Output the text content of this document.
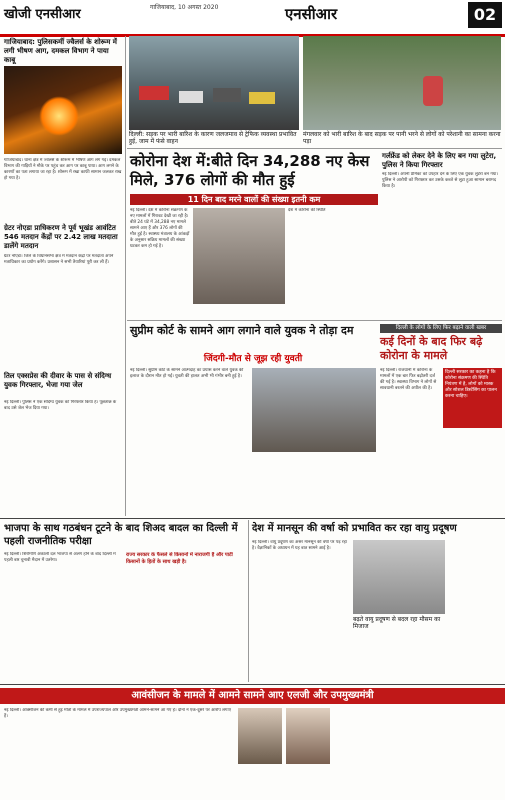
खोजी एनसीआर	गाजियाबाद, 10 अगस्त 2020	एनसीआर	02
गाजियाबाद: पुलिसकर्मी ज्वैलर्स के शोरूम में लगी भीषण आग, दमकल विभाग ने पाया काबू
गाजियाबाद। थाना क्षेत्र में ज्वैलर्स के शोरूम में भीषण आग लग गई। दमकल विभाग की गाड़ियों ने मौके पर पहुंच कर आग पर काबू पाया। आग लगने के कारणों का पता लगाया जा रहा है। शोरूम में रखा काफी सामान जलकर राख हो गया है।
ग्रेटर नोएडा प्राधिकरण ने पूर्व भूखंड आवंटित 546 मतदान केंद्रों पर 2.42 लाख मतदाता डालेंगे मतदान
ग्रेटर नोएडा। जिले के विधानसभा क्षेत्र में मतदान केंद्रों पर मतदाता अपने मताधिकार का प्रयोग करेंगे। प्रशासन ने सभी तैयारियां पूरी कर ली हैं।
तिल एक्सप्रेस की दीवार के पास से संदिग्ध युवक गिरफ्तार, भेजा गया जेल
नई दिल्ली। पुलिस ने एक संदिग्ध युवक को गिरफ्तार किया है। पूछताछ के बाद उसे जेल भेज दिया गया।
दिल्ली: सड़क पर भारी बारिश के कारण जलजमाव से ट्रेफिक व्यवस्था प्रभावित हुई, जाम में फंसे वाहन
मंगलवार को भारी बारिश के बाद सड़क पर पानी भरने से लोगों को परेशानी का सामना करना पड़ा
कोरोना देश में:बीते दिन 34,288 नए केस मिले, 376 लोगों की मौत हुई
11 दिन बाद मरने वालों की संख्या इतनी कम
नई दिल्ली। देश में कोरोना संक्रमण के नए मामलों में गिरावट देखी जा रही है। बीते 24 घंटे में 34,288 नए मामले सामने आए हैं और 376 लोगों की मौत हुई है। स्वास्थ्य मंत्रालय के आंकड़ों के अनुसार सक्रिय मामलों की संख्या घटकर कम हो गई है।
देश में कोरोना की स्थिति
गर्लफ्रेंड को लेकर देने के लिए बन गया लुटेरा, पुलिस ने किया गिरफ्तार
नई दिल्ली। अपनी प्रेमिका को उपहार देने के लिए एक युवक लुटेरा बन गया। पुलिस ने आरोपी को गिरफ्तार कर उसके कब्जे से लूटा हुआ सामान बरामद किया है।
सुप्रीम कोर्ट के सामने आग लगाने वाले युवक ने तोड़ा दम
जिंदगी-मौत से जूझ रही युवती
नई दिल्ली। सुप्रीम कोर्ट के सामने आत्मदाह का प्रयास करने वाले युवक की इलाज के दौरान मौत हो गई। युवती की हालत अभी भी गंभीर बनी हुई है।
दिल्ली के लोगों के लिए फिर बढ़ाने वाली खबर
कई दिनों के बाद फिर बढ़े कोरोना के मामले
नई दिल्ली। राजधानी में कोरोना के मामलों में एक बार फिर बढ़ोतरी दर्ज की गई है। स्वास्थ्य विभाग ने लोगों से सावधानी बरतने की अपील की है।
दिल्ली सरकार का कहना है कि कोरोना संक्रमण की स्थिति नियंत्रण में है, लोगों को मास्क और सोशल डिस्टेंसिंग का पालन करना चाहिए।
भाजपा के साथ गठबंधन टूटने के बाद शिअद बादल का दिल्ली में पहली राजनीतिक परीक्षा
नई दिल्ली। शिरोमणि अकाली दल भाजपा से अलग होने के बाद दिल्ली में पहली बार चुनावी मैदान में उतरेगा।
राज्य सरकार के फैसले से किसानों में नाराजगी है और पार्टी किसानों के हितों के साथ खड़ी है।
देश में मानसून की वर्षा को प्रभावित कर रहा वायु प्रदूषण
नई दिल्ली। वायु प्रदूषण का असर मानसून की वर्षा पर पड़ रहा है। वैज्ञानिकों के अध्ययन में यह बात सामने आई है।
बढ़ते वायु प्रदूषण से बदल रहा मौसम का मिजाज
आवंसीजन के मामले में आमने सामने आए एलजी और उपमुख्यमंत्री
नई दिल्ली। ऑक्सीजन की कमी से हुई मौतों के मामले में उपराज्यपाल और उपमुख्यमंत्री आमने-सामने आ गए हैं। दोनों ने एक-दूसरे पर आरोप लगाए हैं।
